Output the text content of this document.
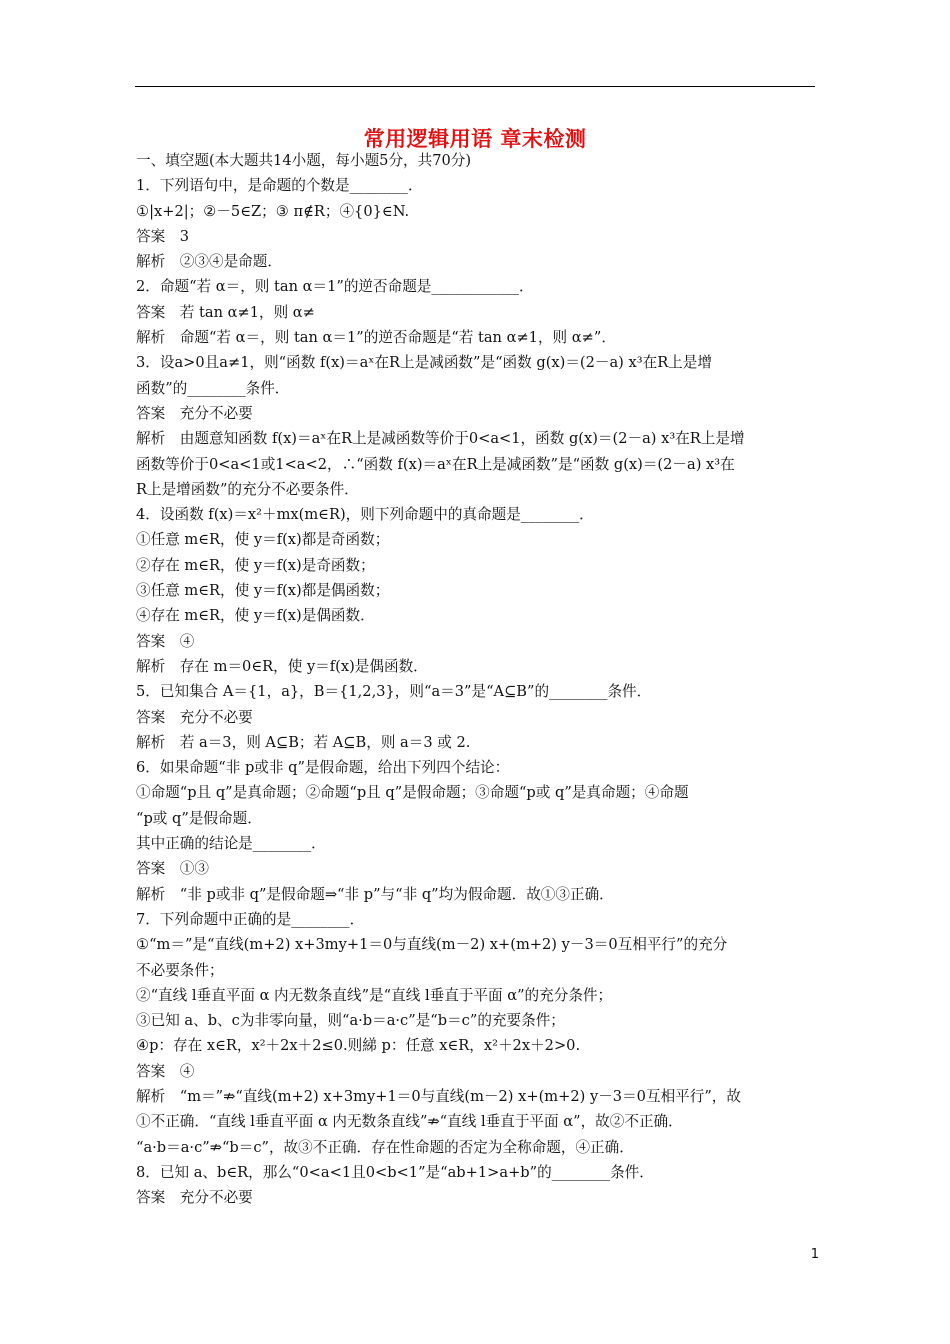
常用逻辑用语 章末检测
一、填空题(本大题共14小题，每小题5分，共70分)
1．下列语句中，是命题的个数是________．
①|x+2|；②－5∈Z；③ π∉R；④{0}∈N.
答案　3
解析　②③④是命题．
2．命题“若 α＝，则 tan α＝1”的逆否命题是____________．
答案　若 tan α≠1，则 α≠
解析　命题“若 α＝，则 tan α＝1”的逆否命题是“若 tan α≠1，则 α≠”．
3．设a>0且a≠1，则“函数 f(x)＝aˣ在R上是减函数”是“函数 g(x)＝(2－a) x³在R上是增
函数”的________条件．
答案　充分不必要
解析　由题意知函数 f(x)＝aˣ在R上是减函数等价于0<a<1，函数 g(x)＝(2－a) x³在R上是增
函数等价于0<a<1或1<a<2，∴“函数 f(x)＝aˣ在R上是减函数”是“函数 g(x)＝(2－a) x³在
R上是增函数”的充分不必要条件．
4．设函数 f(x)＝x²＋mx(m∈R)，则下列命题中的真命题是________．
①任意 m∈R，使 y＝f(x)都是奇函数；
②存在 m∈R，使 y＝f(x)是奇函数；
③任意 m∈R，使 y＝f(x)都是偶函数；
④存在 m∈R，使 y＝f(x)是偶函数．
答案　④
解析　存在 m＝0∈R，使 y＝f(x)是偶函数．
5．已知集合 A＝{1，a}，B＝{1,2,3}，则“a＝3”是“A⊆B”的________条件．
答案　充分不必要
解析　若 a＝3，则 A⊆B；若 A⊆B，则 a＝3 或 2.
6．如果命题“非 p或非 q”是假命题，给出下列四个结论：
①命题“p且 q”是真命题；②命题“p且 q”是假命题；③命题“p或 q”是真命题；④命题
“p或 q”是假命题．
其中正确的结论是________．
答案　①③
解析　“非 p或非 q”是假命题⇒“非 p”与“非 q”均为假命题．故①③正确．
7．下列命题中正确的是________．
①“m＝”是“直线(m+2) x+3my+1＝0与直线(m－2) x+(m+2) y－3＝0互相平行”的充分
不必要条件；
②“直线 l垂直平面 α 内无数条直线”是“直线 l垂直于平面 α”的充分条件；
③已知 a、b、c为非零向量，则“a·b＝a·c”是“b＝c”的充要条件；
④p：存在 x∈R，x²＋2x＋2≤0.则綈 p：任意 x∈R，x²＋2x＋2>0.
答案　④
解析　“m＝”⇏“直线(m+2) x+3my+1＝0与直线(m－2) x+(m+2) y－3＝0互相平行”，故
①不正确．“直线 l垂直平面 α 内无数条直线”⇏“直线 l垂直于平面 α”，故②不正确．
“a·b＝a·c”⇏“b＝c”，故③不正确．存在性命题的否定为全称命题，④正确．
8．已知 a、b∈R，那么“0<a<1且0<b<1”是“ab+1>a+b”的________条件．
答案　充分不必要
1
